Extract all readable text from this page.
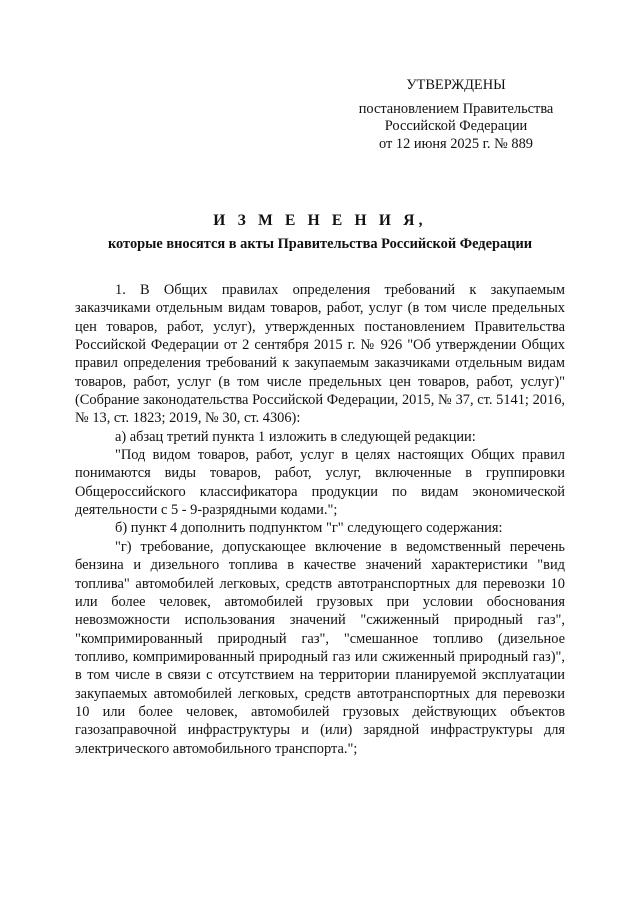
УТВЕРЖДЕНЫ
постановлением Правительства
Российской Федерации
от 12 июня 2025 г. № 889
И З М Е Н Е Н И Я,
которые вносятся в акты Правительства Российской Федерации

1. В Общих правилах определения требований к закупаемым заказчиками отдельным видам товаров, работ, услуг (в том числе предельных цен товаров, работ, услуг), утвержденных постановлением Правительства Российской Федерации от 2 сентября 2015 г. № 926 "Об утверждении Общих правил определения требований к закупаемым заказчиками отдельным видам товаров, работ, услуг (в том числе предельных цен товаров, работ, услуг)" (Собрание законодательства Российской Федерации, 2015, № 37, ст. 5141; 2016, № 13, ст. 1823; 2019, № 30, ст. 4306):

а) абзац третий пункта 1 изложить в следующей редакции:

"Под видом товаров, работ, услуг в целях настоящих Общих правил понимаются виды товаров, работ, услуг, включенные в группировки Общероссийского классификатора продукции по видам экономической деятельности с 5 - 9-разрядными кодами.";

б) пункт 4 дополнить подпунктом "г" следующего содержания:

"г) требование, допускающее включение в ведомственный перечень бензина и дизельного топлива в качестве значений характеристики "вид топлива" автомобилей легковых, средств автотранспортных для перевозки 10 или более человек, автомобилей грузовых при условии обоснования невозможности использования значений "сжиженный природный газ", "компримированный природный газ", "смешанное топливо (дизельное топливо, компримированный природный газ или сжиженный природный газ)", в том числе в связи с отсутствием на территории планируемой эксплуатации закупаемых автомобилей легковых, средств автотранспортных для перевозки 10 или более человек, автомобилей грузовых действующих объектов газозаправочной инфраструктуры и (или) зарядной инфраструктуры для электрического автомобильного транспорта.";
